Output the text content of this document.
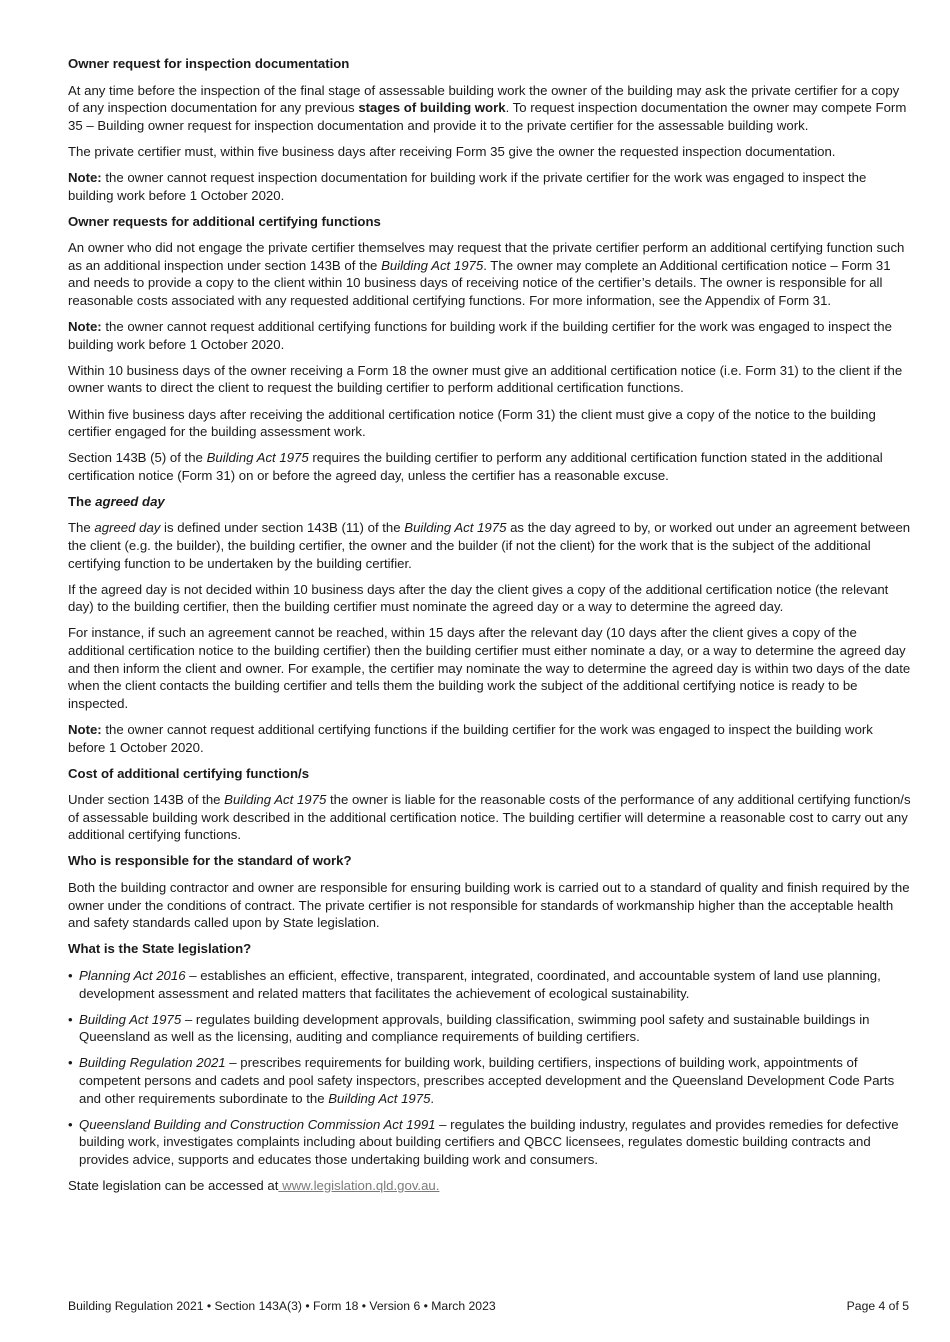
Owner request for inspection documentation

At any time before the inspection of the final stage of assessable building work the owner of the building may ask the private certifier for a copy of any inspection documentation for any previous stages of building work. To request inspection documentation the owner may compete Form 35 – Building owner request for inspection documentation and provide it to the private certifier for the assessable building work.

The private certifier must, within five business days after receiving Form 35 give the owner the requested inspection documentation.

Note: the owner cannot request inspection documentation for building work if the private certifier for the work was engaged to inspect the building work before 1 October 2020.

Owner requests for additional certifying functions

An owner who did not engage the private certifier themselves may request that the private certifier perform an additional certifying function such as an additional inspection under section 143B of the Building Act 1975. The owner may complete an Additional certification notice – Form 31 and needs to provide a copy to the client within 10 business days of receiving notice of the certifier’s details. The owner is responsible for all reasonable costs associated with any requested additional certifying functions. For more information, see the Appendix of Form 31.

Note: the owner cannot request additional certifying functions for building work if the building certifier for the work was engaged to inspect the building work before 1 October 2020.

Within 10 business days of the owner receiving a Form 18 the owner must give an additional certification notice (i.e. Form 31) to the client if the owner wants to direct the client to request the building certifier to perform additional certification functions.

Within five business days after receiving the additional certification notice (Form 31) the client must give a copy of the notice to the building certifier engaged for the building assessment work.

Section 143B (5) of the Building Act 1975 requires the building certifier to perform any additional certification function stated in the additional certification notice (Form 31) on or before the agreed day, unless the certifier has a reasonable excuse.

The agreed day

The agreed day is defined under section 143B (11) of the Building Act 1975 as the day agreed to by, or worked out under an agreement between the client (e.g. the builder), the building certifier, the owner and the builder (if not the client) for the work that is the subject of the additional certifying function to be undertaken by the building certifier.

If the agreed day is not decided within 10 business days after the day the client gives a copy of the additional certification notice (the relevant day) to the building certifier, then the building certifier must nominate the agreed day or a way to determine the agreed day.

For instance, if such an agreement cannot be reached, within 15 days after the relevant day (10 days after the client gives a copy of the additional certification notice to the building certifier) then the building certifier must either nominate a day, or a way to determine the agreed day and then inform the client and owner. For example, the certifier may nominate the way to determine the agreed day is within two days of the date when the client contacts the building certifier and tells them the building work the subject of the additional certifying notice is ready to be inspected.

Note: the owner cannot request additional certifying functions if the building certifier for the work was engaged to inspect the building work before 1 October 2020.

Cost of additional certifying function/s

Under section 143B of the Building Act 1975 the owner is liable for the reasonable costs of the performance of any additional certifying function/s of assessable building work described in the additional certification notice. The building certifier will determine a reasonable cost to carry out any additional certifying functions.

Who is responsible for the standard of work?

Both the building contractor and owner are responsible for ensuring building work is carried out to a standard of quality and finish required by the owner under the conditions of contract. The private certifier is not responsible for standards of workmanship higher than the acceptable health and safety standards called upon by State legislation.

What is the State legislation?
• Planning Act 2016 – establishes an efficient, effective, transparent, integrated, coordinated, and accountable system of land use planning, development assessment and related matters that facilitates the achievement of ecological sustainability.
• Building Act 1975 – regulates building development approvals, building classification, swimming pool safety and sustainable buildings in Queensland as well as the licensing, auditing and compliance requirements of building certifiers.
• Building Regulation 2021 – prescribes requirements for building work, building certifiers, inspections of building work, appointments of competent persons and cadets and pool safety inspectors, prescribes accepted development and the Queensland Development Code Parts and other requirements subordinate to the Building Act 1975.
• Queensland Building and Construction Commission Act 1991 – regulates the building industry, regulates and provides remedies for defective building work, investigates complaints including about building certifiers and QBCC licensees, regulates domestic building contracts and provides advice, supports and educates those undertaking building work and consumers.

State legislation can be accessed at www.legislation.qld.gov.au.

Building Regulation 2021 • Section 143A(3) • Form 18 • Version 6 • March 2023	Page 4 of 5
